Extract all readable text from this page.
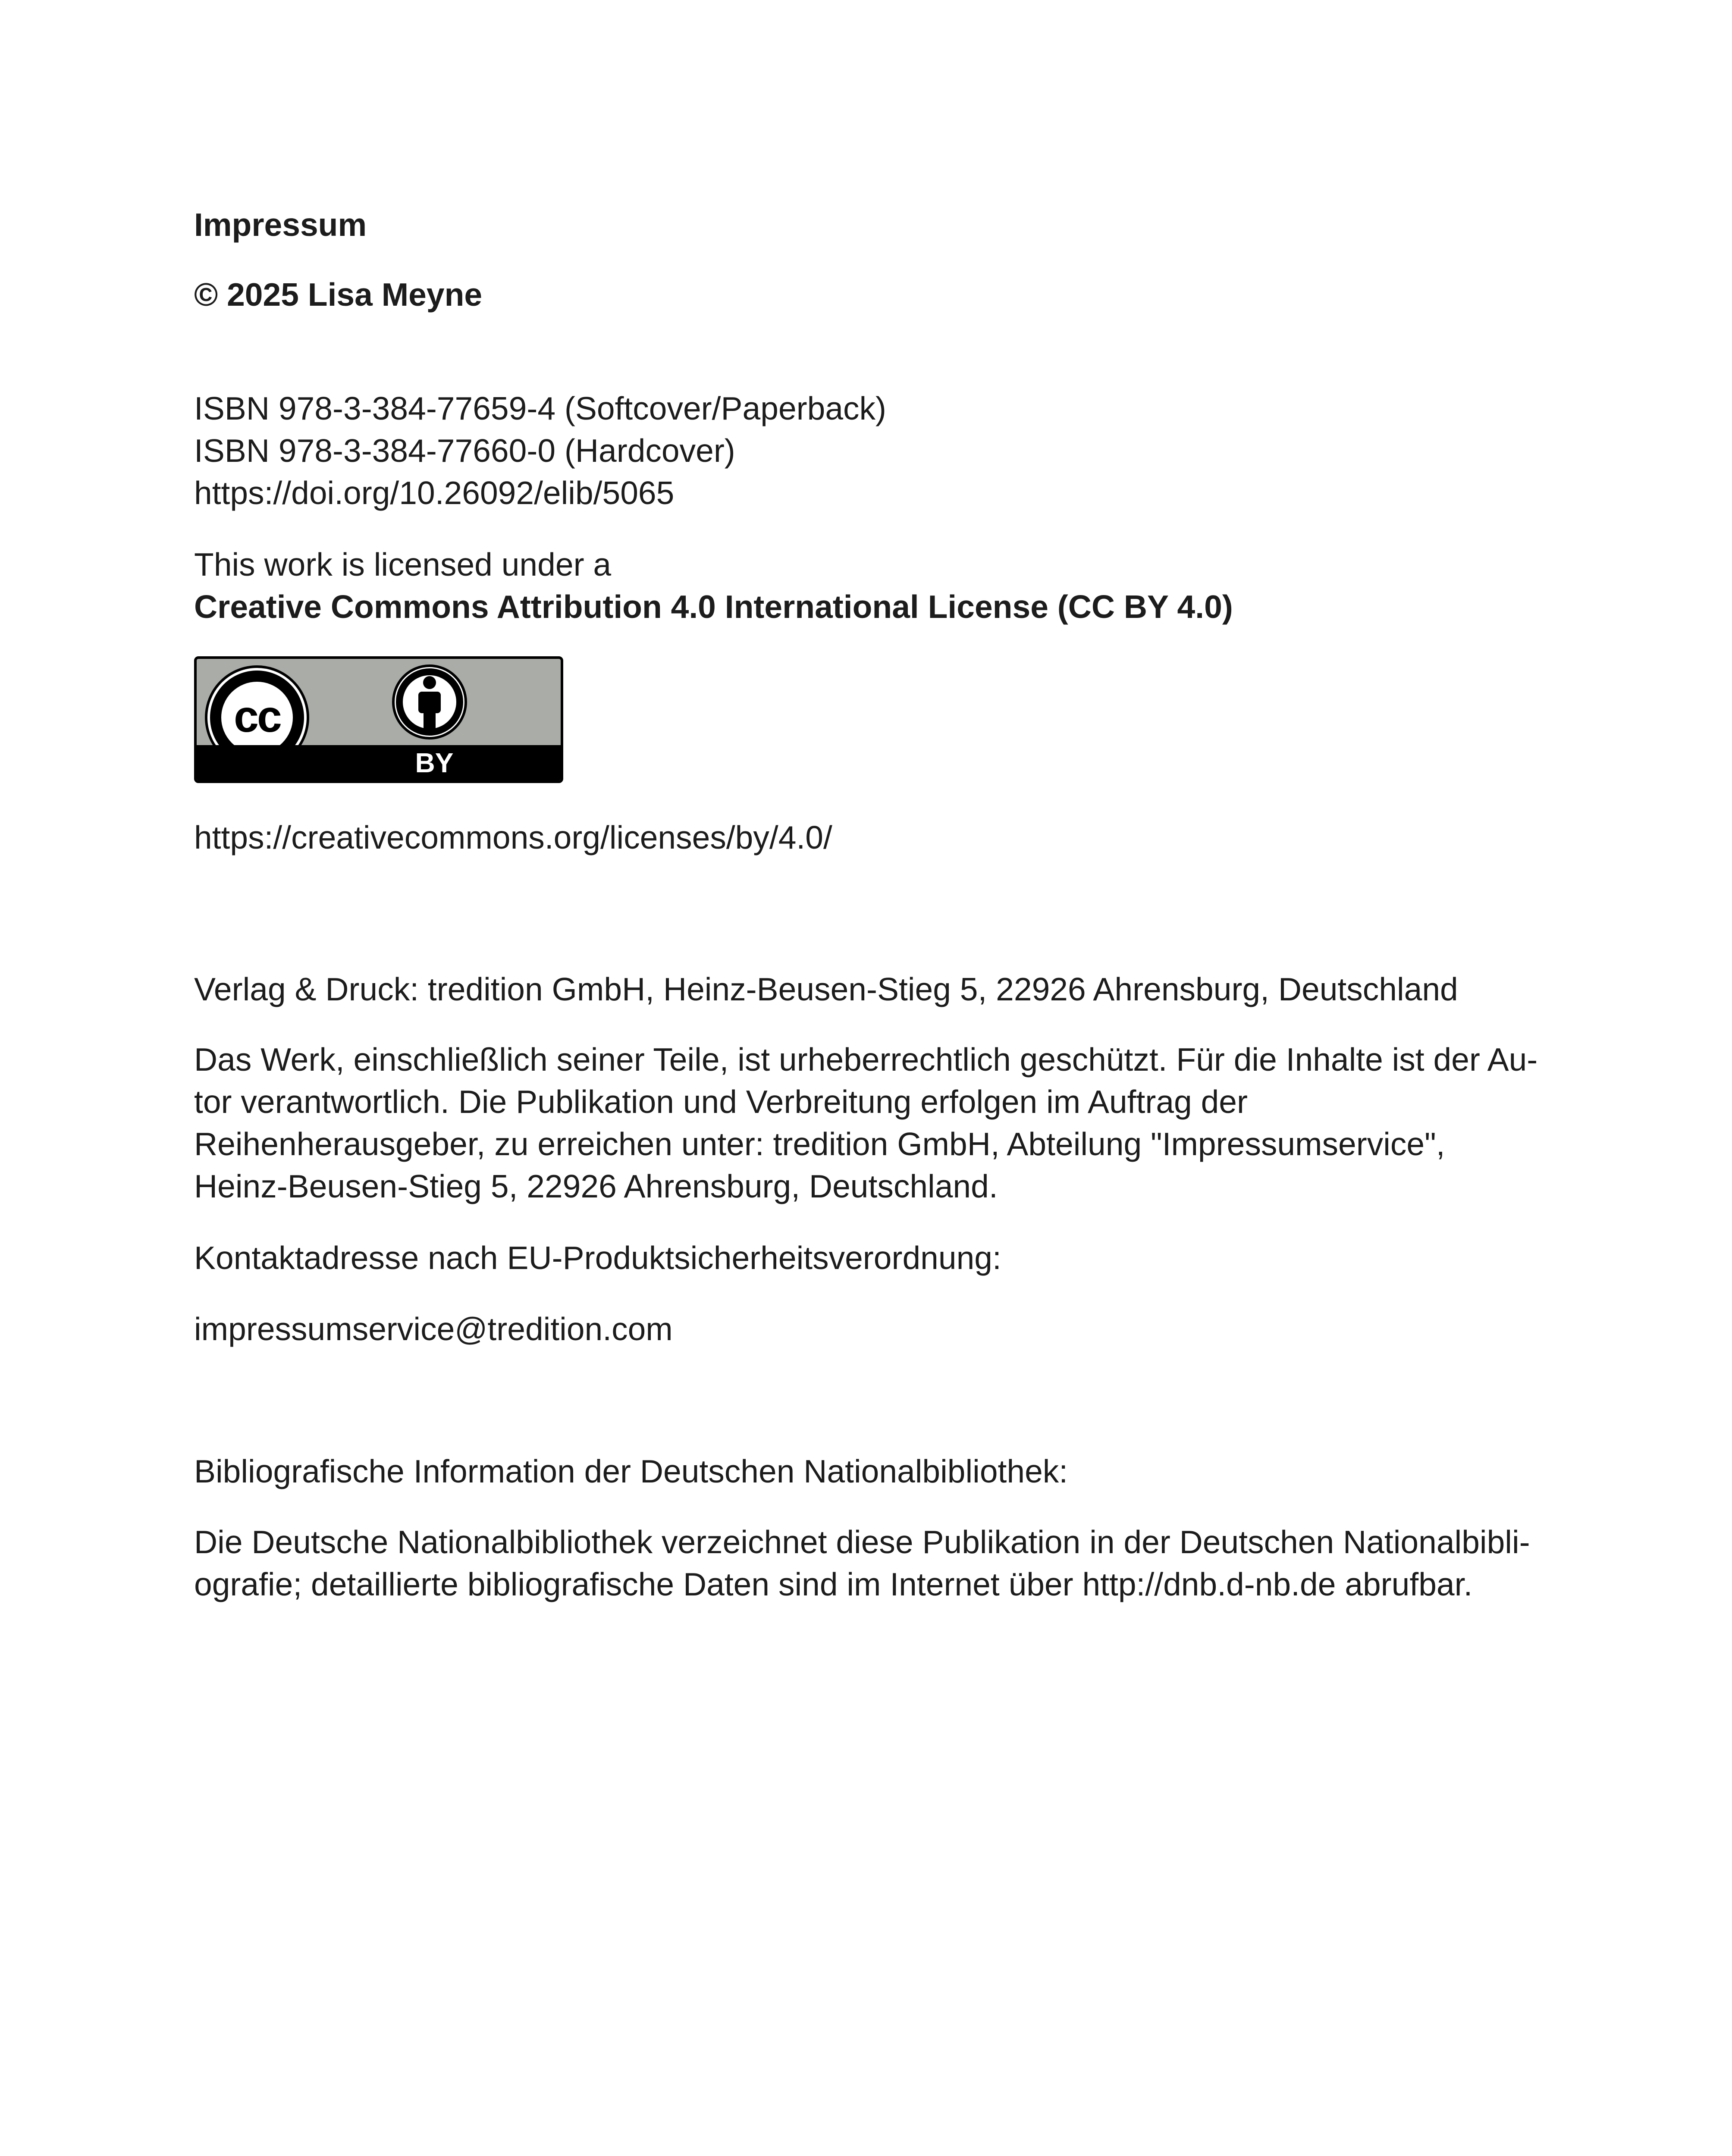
Impressum

© 2025 Lisa Meyne

ISBN 978-3-384-77659-4 (Softcover/Paperback)

ISBN 978-3-384-77660-0 (Hardcover)

https://doi.org/10.26092/elib/5065

This work is licensed under a

Creative Commons Attribution 4.0 International License (CC BY 4.0)

cc
BY

https://creativecommons.org/licenses/by/4.0/

Verlag & Druck: tredition GmbH, Heinz-Beusen-Stieg 5, 22926 Ahrensburg, Deutschland

Das Werk, einschließlich seiner Teile, ist urheberrechtlich geschützt. Für die Inhalte ist der Au-
tor verantwortlich. Die Publikation und Verbreitung erfolgen im Auftrag der
Reihenherausgeber, zu erreichen unter: tredition GmbH, Abteilung "Impressumservice",
Heinz-Beusen-Stieg 5, 22926 Ahrensburg, Deutschland.

Kontaktadresse nach EU-Produktsicherheitsverordnung:

impressumservice@tredition.com

Bibliografische Information der Deutschen Nationalbibliothek:

Die Deutsche Nationalbibliothek verzeichnet diese Publikation in der Deutschen Nationalbibli-
ografie; detaillierte bibliografische Daten sind im Internet über http://dnb.d-nb.de abrufbar.
